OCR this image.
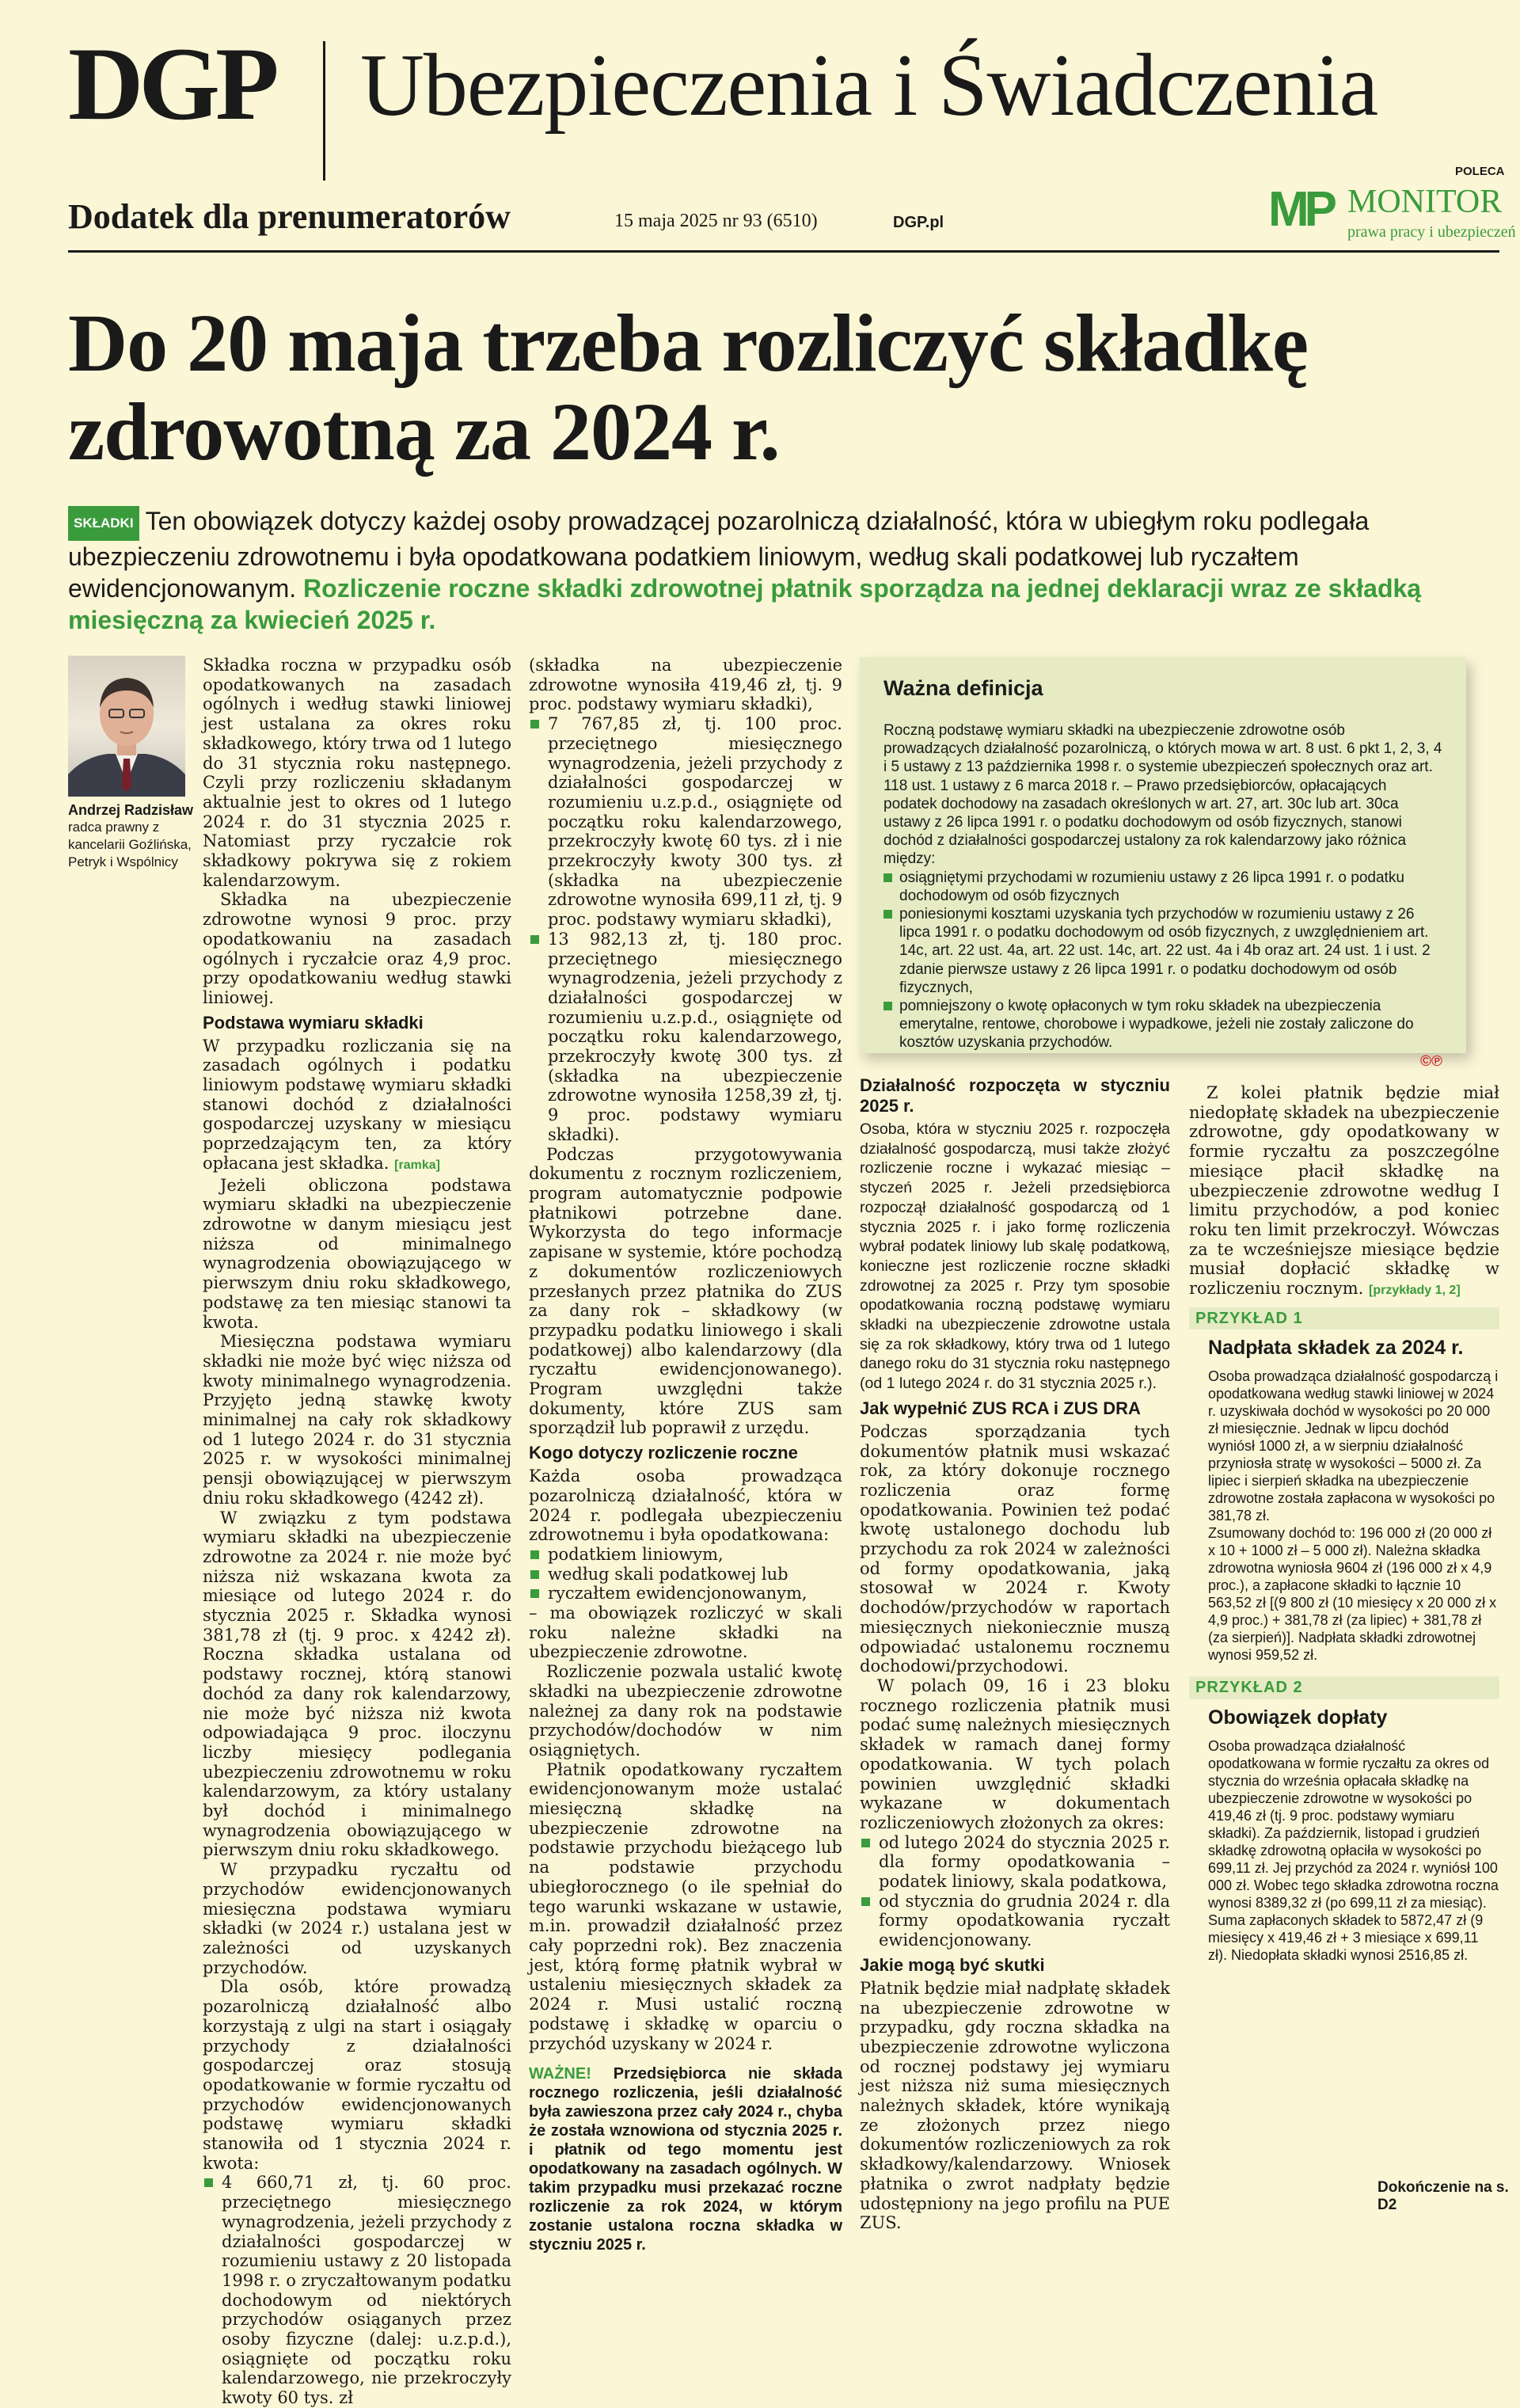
DGP Ubezpieczenia i Świadczenia
Dodatek dla prenumeratorów	15 maja 2025 nr 93 (6510)	DGP.pl
POLECA
MP MONITOR
prawa pracy i ubezpieczeń
Do 20 maja trzeba rozliczyć składkę zdrowotną za 2024 r.

SKŁADKI Ten obowiązek dotyczy każdej osoby prowadzącej pozarolniczą działalność, która w ubiegłym roku podlegała ubezpieczeniu zdrowotnemu i była opodatkowana podatkiem liniowym, według skali podatkowej lub ryczałtem ewidencjonowanym. Rozliczenie roczne składki zdrowotnej płatnik sporządza na jednej deklaracji wraz ze składką miesięczną za kwiecień 2025 r.

Andrzej Radzisław
radca prawny z kancelarii Goźlińska, Petryk i Wspólnicy

Składka roczna w przypadku osób opodatkowanych na zasadach ogólnych i według stawki liniowej jest ustalana za okres roku składkowego, który trwa od 1 lutego do 31 stycznia roku następnego. Czyli przy rozliczeniu składanym aktualnie jest to okres od 1 lutego 2024 r. do 31 stycznia 2025 r. Natomiast przy ryczałcie rok składkowy pokrywa się z rokiem kalendarzowym.

Składka na ubezpieczenie zdrowotne wynosi 9 proc. przy opodatkowaniu na zasadach ogólnych i ryczałcie oraz 4,9 proc. przy opodatkowaniu według stawki liniowej.

Podstawa wymiaru składki

W przypadku rozliczania się na zasadach ogólnych i podatku liniowym podstawę wymiaru składki stanowi dochód z działalności gospodarczej uzyskany w miesiącu poprzedzającym ten, za który opłacana jest składka. [ramka]

Jeżeli obliczona podstawa wymiaru składki na ubezpieczenie zdrowotne w danym miesiącu jest niższa od minimalnego wynagrodzenia obowiązującego w pierwszym dniu roku składkowego, podstawę za ten miesiąc stanowi ta kwota.

Miesięczna podstawa wymiaru składki nie może być więc niższa od kwoty minimalnego wynagrodzenia. Przyjęto jedną stawkę kwoty minimalnej na cały rok składkowy od 1 lutego 2024 r. do 31 stycznia 2025 r. w wysokości minimalnej pensji obowiązującej w pierwszym dniu roku składkowego (4242 zł).

W związku z tym podstawa wymiaru składki na ubezpieczenie zdrowotne za 2024 r. nie może być niższa niż wskazana kwota za miesiące od lutego 2024 r. do stycznia 2025 r. Składka wynosi 381,78 zł (tj. 9 proc. x 4242 zł). Roczna składka ustalana od podstawy rocznej, którą stanowi dochód za dany rok kalendarzowy, nie może być niższa niż kwota odpowiadająca 9 proc. iloczynu liczby miesięcy podlegania ubezpieczeniu zdrowotnemu w roku kalendarzowym, za który ustalany był dochód i minimalnego wynagrodzenia obowiązującego w pierwszym dniu roku składkowego.

W przypadku ryczałtu od przychodów ewidencjonowanych miesięczna podstawa wymiaru składki (w 2024 r.) ustalana jest w zależności od uzyskanych przychodów.

Dla osób, które prowadzą pozarolniczą działalność albo korzystają z ulgi na start i osiągały przychody z działalności gospodarczej oraz stosują opodatkowanie w formie ryczałtu od przychodów ewidencjonowanych podstawę wymiaru składki stanowiła od 1 stycznia 2024 r. kwota:

4 660,71 zł, tj. 60 proc. przeciętnego miesięcznego wynagrodzenia, jeżeli przychody z działalności gospodarczej w rozumieniu ustawy z 20 listopada 1998 r. o zryczałtowanym podatku dochodowym od niektórych przychodów osiąganych przez osoby fizyczne (dalej: u.z.p.d.), osiągnięte od początku roku kalendarzowego, nie przekroczyły kwoty 60 tys. zł

(składka na ubezpieczenie zdrowotne wynosiła 419,46 zł, tj. 9 proc. podstawy wymiaru składki),

7 767,85 zł, tj. 100 proc. przeciętnego miesięcznego wynagrodzenia, jeżeli przychody z działalności gospodarczej w rozumieniu u.z.p.d., osiągnięte od początku roku kalendarzowego, przekroczyły kwotę 60 tys. zł i nie przekroczyły kwoty 300 tys. zł (składka na ubezpieczenie zdrowotne wynosiła 699,11 zł, tj. 9 proc. podstawy wymiaru składki),
13 982,13 zł, tj. 180 proc. przeciętnego miesięcznego wynagrodzenia, jeżeli przychody z działalności gospodarczej w rozumieniu u.z.p.d., osiągnięte od początku roku kalendarzowego, przekroczyły kwotę 300 tys. zł (składka na ubezpieczenie zdrowotne wynosiła 1258,39 zł, tj. 9 proc. podstawy wymiaru składki).

Podczas przygotowywania dokumentu z rocznym rozliczeniem, program automatycznie podpowie płatnikowi potrzebne dane. Wykorzysta do tego informacje zapisane w systemie, które pochodzą z dokumentów rozliczeniowych przesłanych przez płatnika do ZUS za dany rok – składkowy (w przypadku podatku liniowego i skali podatkowej) albo kalendarzowy (dla ryczałtu ewidencjonowanego). Program uwzględni także dokumenty, które ZUS sam sporządził lub poprawił z urzędu.

Kogo dotyczy rozliczenie roczne

Każda osoba prowadząca pozarolniczą działalność, która w 2024 r. podlegała ubezpieczeniu zdrowotnemu i była opodatkowana:

podatkiem liniowym,
według skali podatkowej lub
ryczałtem ewidencjonowanym,

– ma obowiązek rozliczyć w skali roku należne składki na ubezpieczenie zdrowotne.

Rozliczenie pozwala ustalić kwotę składki na ubezpieczenie zdrowotne należnej za dany rok na podstawie przychodów/dochodów w nim osiągniętych.

Płatnik opodatkowany ryczałtem ewidencjonowanym może ustalać miesięczną składkę na ubezpieczenie zdrowotne na podstawie przychodu bieżącego lub na podstawie przychodu ubiegłorocznego (o ile spełniał do tego warunki wskazane w ustawie, m.in. prowadził działalność przez cały poprzedni rok). Bez znaczenia jest, którą formę płatnik wybrał w ustaleniu miesięcznych składek za 2024 r. Musi ustalić roczną podstawę i składkę w oparciu o przychód uzyskany w 2024 r.

WAŻNE! Przedsiębiorca nie składa rocznego rozliczenia, jeśli działalność była zawieszona przez cały 2024 r., chyba że została wznowiona od stycznia 2025 r. i płatnik od tego momentu jest opodatkowany na zasadach ogólnych. W takim przypadku musi przekazać roczne rozliczenie za rok 2024, w którym zostanie ustalona roczna składka w styczniu 2025 r.

Ważna definicja

Roczną podstawę wymiaru składki na ubezpieczenie zdrowotne osób prowadzących działalność pozarolniczą, o których mowa w art. 8 ust. 6 pkt 1, 2, 3, 4 i 5 ustawy z 13 października 1998 r. o systemie ubezpieczeń społecznych oraz art. 118 ust. 1 ustawy z 6 marca 2018 r. – Prawo przedsiębiorców, opłacających podatek dochodowy na zasadach określonych w art. 27, art. 30c lub art. 30ca ustawy z 26 lipca 1991 r. o podatku dochodowym od osób fizycznych, stanowi dochód z działalności gospodarczej ustalony za rok kalendarzowy jako różnica między:

osiągniętymi przychodami w rozumieniu ustawy z 26 lipca 1991 r. o podatku dochodowym od osób fizycznych
poniesionymi kosztami uzyskania tych przychodów w rozumieniu ustawy z 26 lipca 1991 r. o podatku dochodowym od osób fizycznych, z uwzględnieniem art. 14c, art. 22 ust. 4a, art. 22 ust. 14c, art. 22 ust. 4a i 4b oraz art. 24 ust. 1 i ust. 2 zdanie pierwsze ustawy z 26 lipca 1991 r. o podatku dochodowym od osób fizycznych,
pomniejszony o kwotę opłaconych w tym roku składek na ubezpieczenia emerytalne, rentowe, chorobowe i wypadkowe, jeżeli nie zostały zaliczone do kosztów uzyskania przychodów.
©℗
Działalność rozpoczęta w styczniu 2025 r.

Osoba, która w styczniu 2025 r. rozpoczęła działalność gospodarczą, musi także złożyć rozliczenie roczne i wykazać miesiąc – styczeń 2025 r. Jeżeli przedsiębiorca rozpoczął działalność gospodarczą od 1 stycznia 2025 r. i jako formę rozliczenia wybrał podatek liniowy lub skalę podatkową, konieczne jest rozliczenie roczne składki zdrowotnej za 2025 r. Przy tym sposobie opodatkowania roczną podstawę wymiaru składki na ubezpieczenie zdrowotne ustala się za rok składkowy, który trwa od 1 lutego danego roku do 31 stycznia roku następnego (od 1 lutego 2024 r. do 31 stycznia 2025 r.).

Jak wypełnić ZUS RCA i ZUS DRA

Podczas sporządzania tych dokumentów płatnik musi wskazać rok, za który dokonuje rocznego rozliczenia oraz formę opodatkowania. Powinien też podać kwotę ustalonego dochodu lub przychodu za rok 2024 w zależności od formy opodatkowania, jaką stosował w 2024 r. Kwoty dochodów/przychodów w raportach miesięcznych niekoniecznie muszą odpowiadać ustalonemu rocznemu dochodowi/przychodowi.

W polach 09, 16 i 23 bloku rocznego rozliczenia płatnik musi podać sumę należnych miesięcznych składek w ramach danej formy opodatkowania. W tych polach powinien uwzględnić składki wykazane w dokumentach rozliczeniowych złożonych za okres:

od lutego 2024 do stycznia 2025 r. dla formy opodatkowania – podatek liniowy, skala podatkowa,
od stycznia do grudnia 2024 r. dla formy opodatkowania ryczałt ewidencjonowany.
Jakie mogą być skutki

Płatnik będzie miał nadpłatę składek na ubezpieczenie zdrowotne w przypadku, gdy roczna składka na ubezpieczenie zdrowotne wyliczona od rocznej podstawy jej wymiaru jest niższa niż suma miesięcznych należnych składek, które wynikają ze złożonych przez niego dokumentów rozliczeniowych za rok składkowy/kalendarzowy. Wniosek płatnika o zwrot nadpłaty będzie udostępniony na jego profilu na PUE ZUS.

Z kolei płatnik będzie miał niedopłatę składek na ubezpieczenie zdrowotne, gdy opodatkowany w formie ryczałtu za poszczególne miesiące płacił składkę na ubezpieczenie zdrowotne według I limitu przychodów, a pod koniec roku ten limit przekroczył. Wówczas za te wcześniejsze miesiące będzie musiał dopłacić składkę w rozliczeniu rocznym. [przykłady 1, 2]

PRZYKŁAD 1
Nadpłata składek za 2024 r.

Osoba prowadząca działalność gospodarczą i opodatkowana według stawki liniowej w 2024 r. uzyskiwała dochód w wysokości po 20 000 zł miesięcznie. Jednak w lipcu dochód wyniósł 1000 zł, a w sierpniu działalność przyniosła stratę w wysokości – 5000 zł. Za lipiec i sierpień składka na ubezpieczenie zdrowotne została zapłacona w wysokości po 381,78 zł.

Zsumowany dochód to: 196 000 zł (20 000 zł x 10 + 1000 zł – 5 000 zł). Należna składka zdrowotna wyniosła 9604 zł (196 000 zł x 4,9 proc.), a zapłacone składki to łącznie 10 563,52 zł [(9 800 zł (10 miesięcy x 20 000 zł x 4,9 proc.) + 381,78 zł (za lipiec) + 381,78 zł (za sierpień)]. Nadpłata składki zdrowotnej wynosi 959,52 zł.

PRZYKŁAD 2
Obowiązek dopłaty

Osoba prowadząca działalność opodatkowana w formie ryczałtu za okres od stycznia do września opłacała składkę na ubezpieczenie zdrowotne w wysokości po 419,46 zł (tj. 9 proc. podstawy wymiaru składki). Za październik, listopad i grudzień składkę zdrowotną opłaciła w wysokości po 699,11 zł. Jej przychód za 2024 r. wyniósł 100 000 zł. Wobec tego składka zdrowotna roczna wynosi 8389,32 zł (po 699,11 zł za miesiąc).

Suma zapłaconych składek to 5872,47 zł (9 miesięcy x 419,46 zł + 3 miesiące x 699,11 zł). Niedopłata składki wynosi 2516,85 zł.

Dokończenie na s. D2
